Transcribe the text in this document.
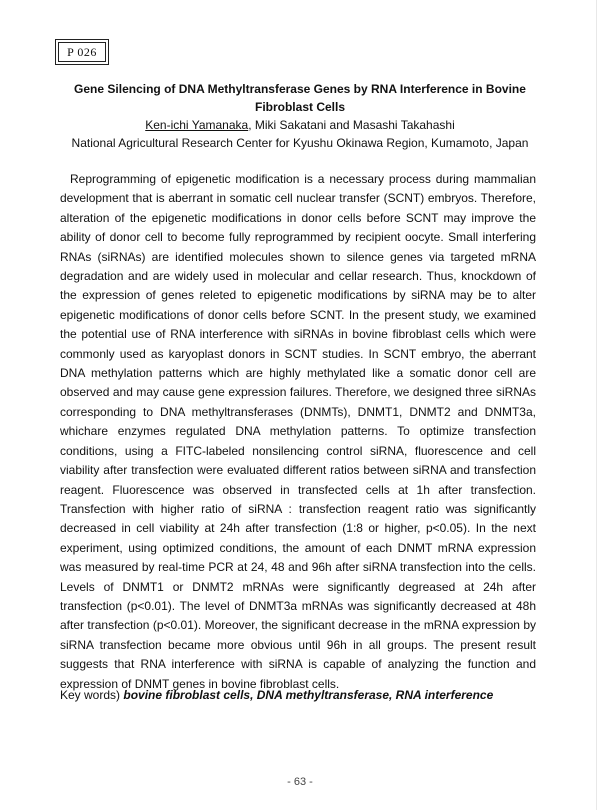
P 026
Gene Silencing of DNA Methyltransferase Genes by RNA Interference in Bovine Fibroblast Cells
Ken-ichi Yamanaka, Miki Sakatani and Masashi Takahashi
National Agricultural Research Center for Kyushu Okinawa Region, Kumamoto, Japan

Reprogramming of epigenetic modification is a necessary process during mammalian development that is aberrant in somatic cell nuclear transfer (SCNT) embryos. Therefore, alteration of the epigenetic modifications in donor cells before SCNT may improve the ability of donor cell to become fully reprogrammed by recipient oocyte. Small interfering RNAs (siRNAs) are identified molecules shown to silence genes via targeted mRNA degradation and are widely used in molecular and cellar research. Thus, knockdown of the expression of genes releted to epigenetic modifications by siRNA may be to alter epigenetic modifications of donor cells before SCNT. In the present study, we examined the potential use of RNA interference with siRNAs in bovine fibroblast cells which were commonly used as karyoplast donors in SCNT studies. In SCNT embryo, the aberrant DNA methylation patterns which are highly methylated like a somatic donor cell are observed and may cause gene expression failures. Therefore, we designed three siRNAs corresponding to DNA methyltransferases (DNMTs), DNMT1, DNMT2 and DNMT3a, whichare enzymes regulated DNA methylation patterns. To optimize transfection conditions, using a FITC-labeled nonsilencing control siRNA, fluorescence and cell viability after transfection were evaluated different ratios between siRNA and transfection reagent. Fluorescence was observed in transfected cells at 1h after transfection. Transfection with higher ratio of siRNA : transfection reagent ratio was significantly decreased in cell viability at 24h after transfection (1:8 or higher, p<0.05). In the next experiment, using optimized conditions, the amount of each DNMT mRNA expression was measured by real-time PCR at 24, 48 and 96h after siRNA transfection into the cells. Levels of DNMT1 or DNMT2 mRNAs were significantly degreased at 24h after transfection (p<0.01). The level of DNMT3a mRNAs was significantly decreased at 48h after transfection (p<0.01). Moreover, the significant decrease in the mRNA expression by siRNA transfection became more obvious until 96h in all groups. The present result suggests that RNA interference with siRNA is capable of analyzing the function and expression of DNMT genes in bovine fibroblast cells.

Key words) bovine fibroblast cells, DNA methyltransferase, RNA interference
- 63 -
